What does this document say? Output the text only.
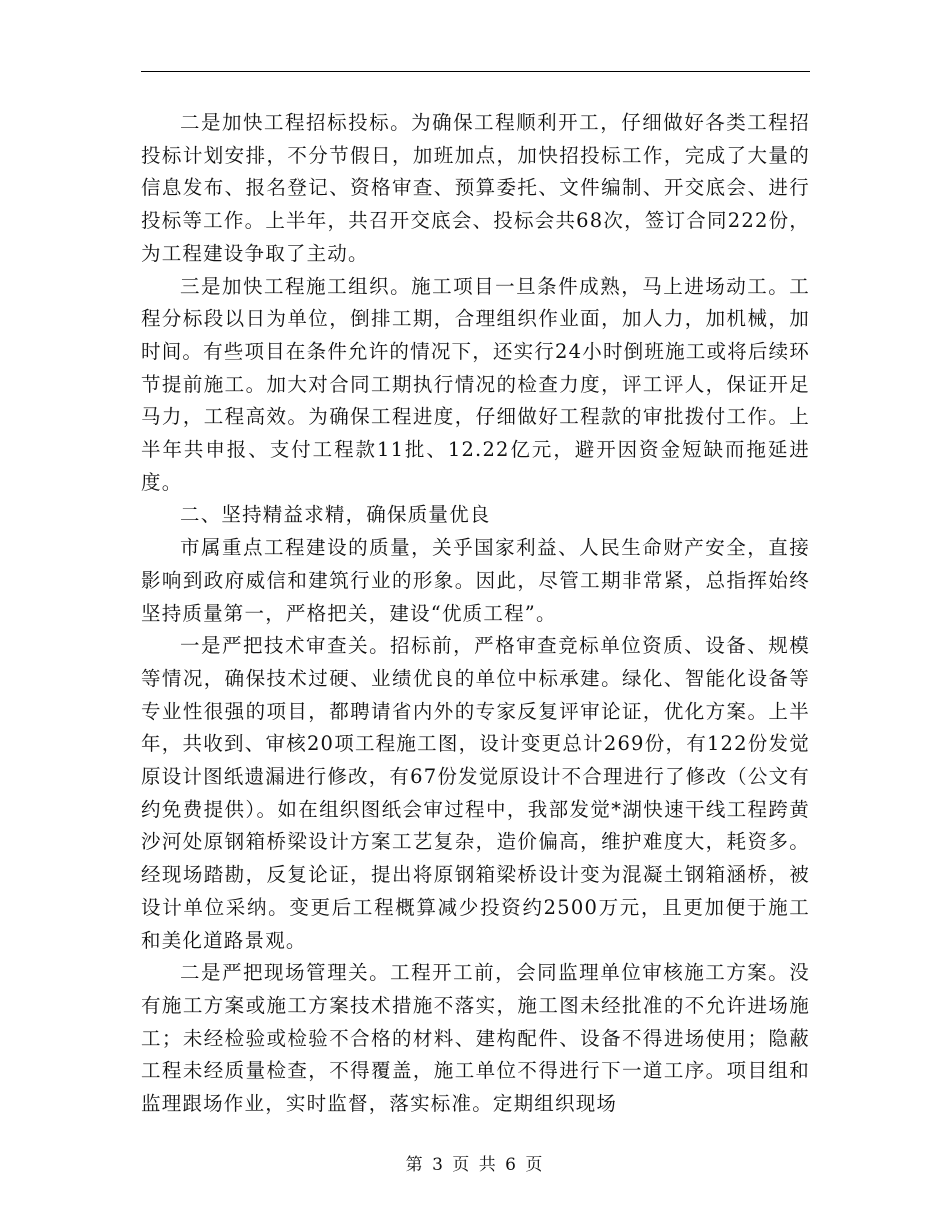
二是加快工程招标投标。为确保工程顺利开工，仔细做好各类工程招投标计划安排，不分节假日，加班加点，加快招投标工作，完成了大量的信息发布、报名登记、资格审查、预算委托、文件编制、开交底会、进行投标等工作。上半年，共召开交底会、投标会共68次，签订合同222份，为工程建设争取了主动。

三是加快工程施工组织。施工项目一旦条件成熟，马上进场动工。工程分标段以日为单位，倒排工期，合理组织作业面，加人力，加机械，加时间。有些项目在条件允许的情况下，还实行24小时倒班施工或将后续环节提前施工。加大对合同工期执行情况的检查力度，评工评人，保证开足马力，工程高效。为确保工程进度，仔细做好工程款的审批拨付工作。上半年共申报、支付工程款11批、12.22亿元，避开因资金短缺而拖延进度。

二、坚持精益求精，确保质量优良

市属重点工程建设的质量，关乎国家利益、人民生命财产安全，直接影响到政府威信和建筑行业的形象。因此，尽管工期非常紧，总指挥始终坚持质量第一，严格把关，建设“优质工程”。

一是严把技术审查关。招标前，严格审查竞标单位资质、设备、规模等情况，确保技术过硬、业绩优良的单位中标承建。绿化、智能化设备等专业性很强的项目，都聘请省内外的专家反复评审论证，优化方案。上半年，共收到、审核20项工程施工图，设计变更总计269份，有122份发觉原设计图纸遗漏进行修改，有67份发觉原设计不合理进行了修改（公文有约免费提供）。如在组织图纸会审过程中，我部发觉*湖快速干线工程跨黄沙河处原钢箱桥梁设计方案工艺复杂，造价偏高，维护难度大，耗资多。经现场踏勘，反复论证，提出将原钢箱梁桥设计变为混凝土钢箱涵桥，被设计单位采纳。变更后工程概算减少投资约2500万元，且更加便于施工和美化道路景观。

二是严把现场管理关。工程开工前，会同监理单位审核施工方案。没有施工方案或施工方案技术措施不落实，施工图未经批准的不允许进场施工；未经检验或检验不合格的材料、建构配件、设备不得进场使用；隐蔽工程未经质量检查，不得覆盖，施工单位不得进行下一道工序。项目组和监理跟场作业，实时监督，落实标准。定期组织现场

第 3 页 共 6 页
